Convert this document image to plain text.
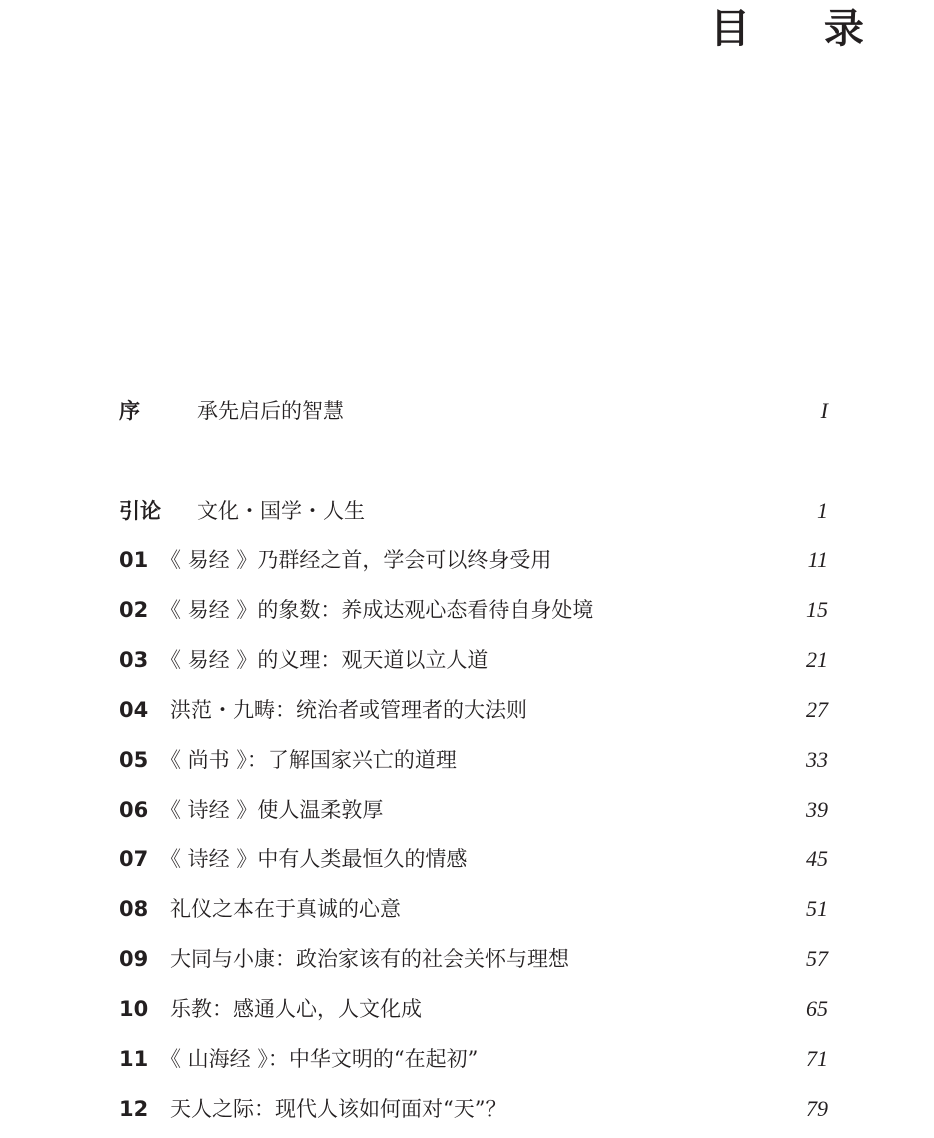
目 录
序	承先启后的智慧	I
引论 文化・国学・人生	1
01 《 易经 》乃群经之首，学会可以终身受用	11
02 《 易经 》的象数：养成达观心态看待自身处境	15
03 《 易经 》的义理：观天道以立人道	21
04 洪范・九畴：统治者或管理者的大法则	27
05 《 尚书 》：了解国家兴亡的道理	33
06 《 诗经 》使人温柔敦厚	39
07 《 诗经 》中有人类最恒久的情感	45
08 礼仪之本在于真诚的心意	51
09 大同与小康：政治家该有的社会关怀与理想	57
10 乐教：感通人心，人文化成	65
11 《 山海经 》：中华文明的“在起初”	71
12 天人之际：现代人该如何面对“天”？	79
